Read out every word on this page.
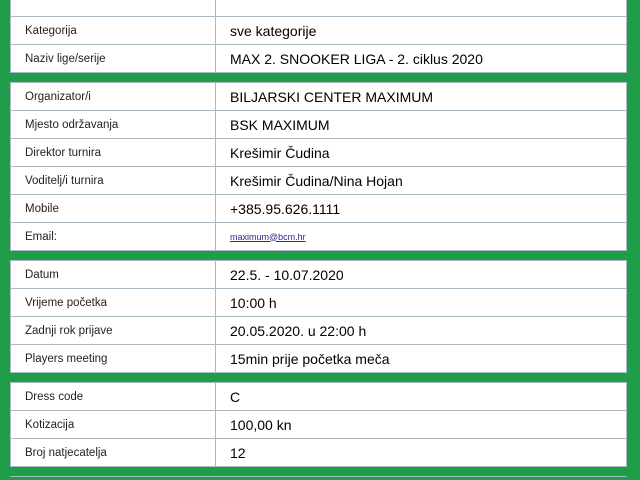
Kategorija	sve kategorije
Naziv lige/serije	MAX 2. SNOOKER LIGA - 2. ciklus 2020

Organizator/i	BILJARSKI CENTER MAXIMUM
Mjesto održavanja	BSK MAXIMUM
Direktor turnira	Krešimir Čudina
Voditelj/i turnira	Krešimir Čudina/Nina Hojan
Mobile	+385.95.626.1111
Email:	maximum@bcm.hr

Datum	22.5. - 10.07.2020
Vrijeme početka	10:00 h
Zadnji rok prijave	20.05.2020. u 22:00 h
Players meeting	15min prije početka meča

Dress code	C
Kotizacija	100,00 kn
Broj natjecatelja	12
